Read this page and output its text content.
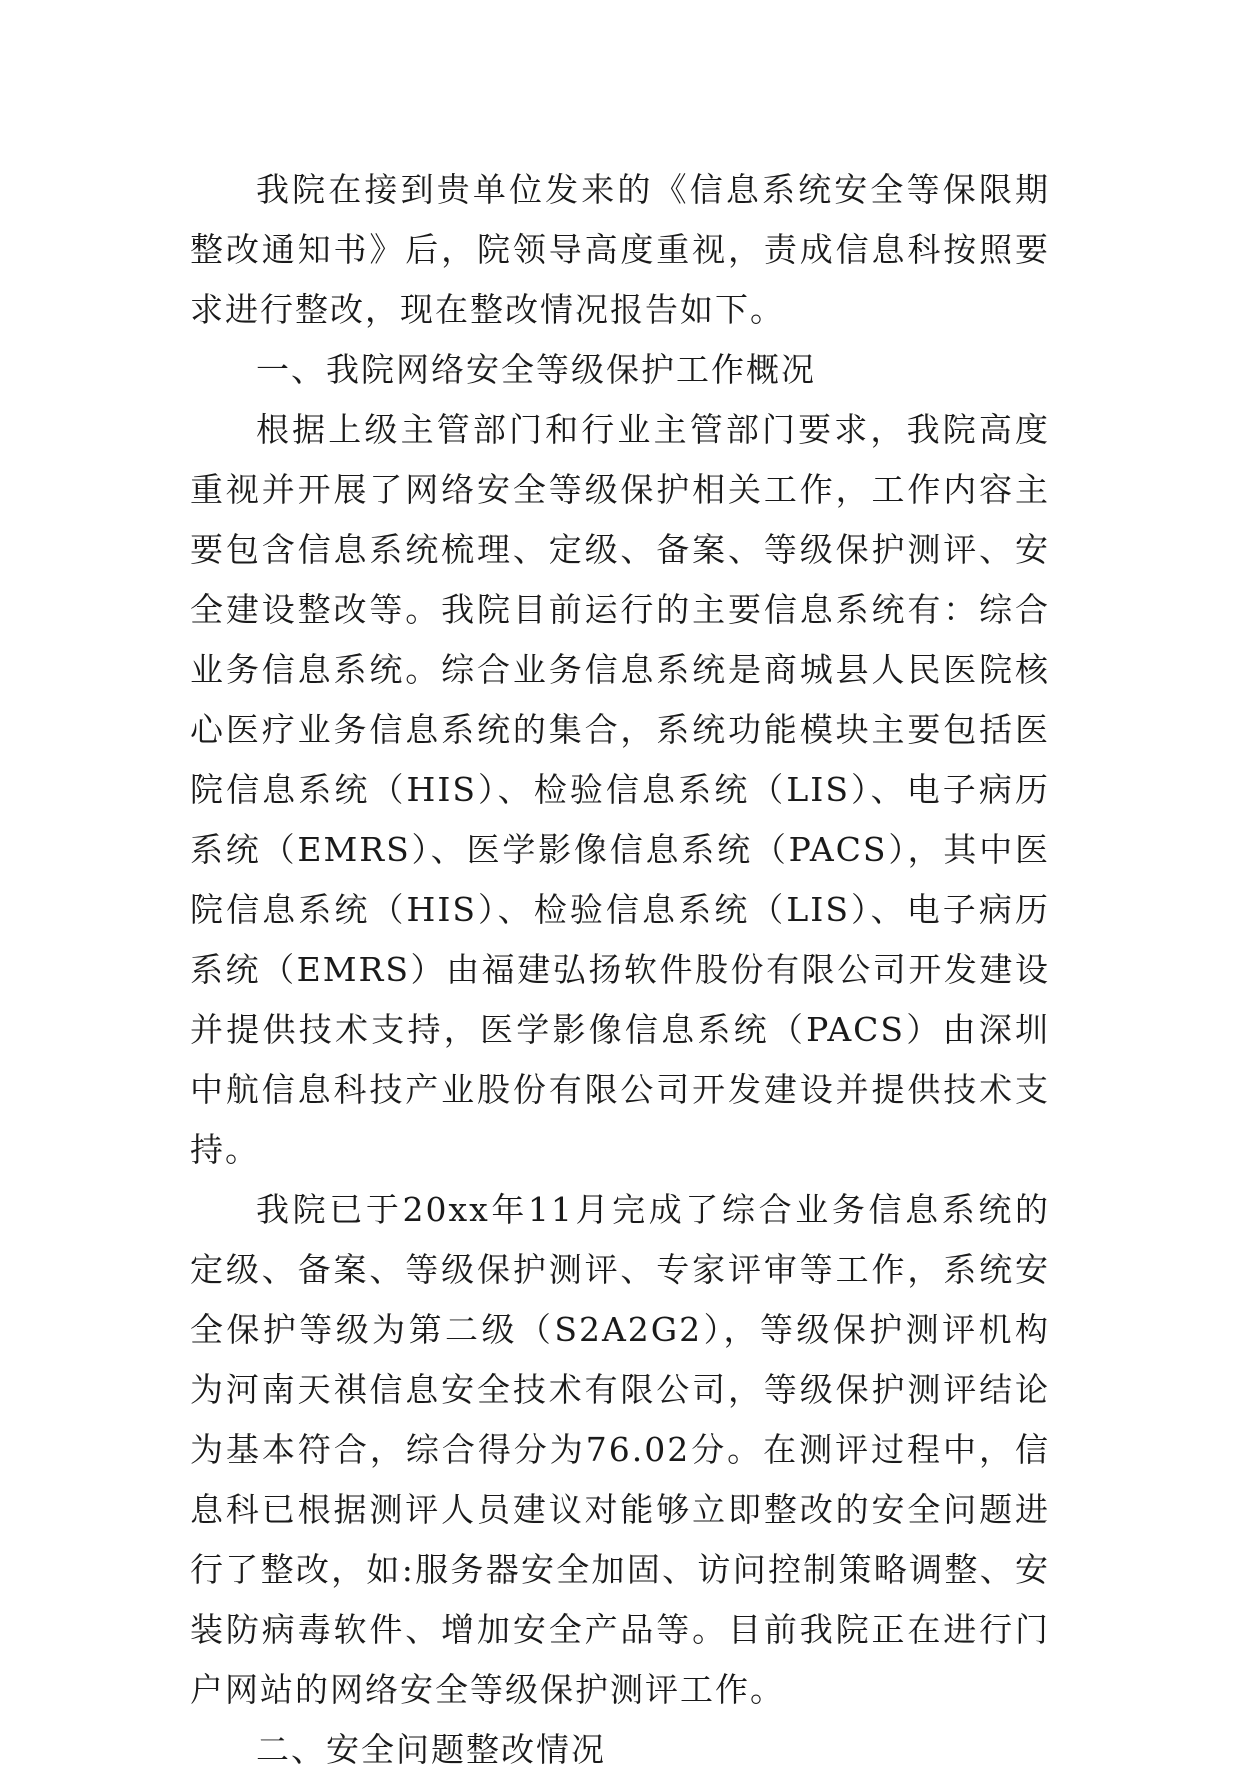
我院在接到贵单位发来的《信息系统安全等保限期整改通知书》后，院领导高度重视，责成信息科按照要求进行整改，现在整改情况报告如下。

一、我院网络安全等级保护工作概况

根据上级主管部门和行业主管部门要求，我院高度重视并开展了网络安全等级保护相关工作，工作内容主要包含信息系统梳理、定级、备案、等级保护测评、安全建设整改等。我院目前运行的主要信息系统有：综合业务信息系统。综合业务信息系统是商城县人民医院核心医疗业务信息系统的集合，系统功能模块主要包括医院信息系统（HIS）、检验信息系统（LIS）、电子病历系统（EMRS）、医学影像信息系统（PACS），其中医院信息系统（HIS）、检验信息系统（LIS）、电子病历系统（EMRS）由福建弘扬软件股份有限公司开发建设并提供技术支持，医学影像信息系统（PACS）由深圳中航信息科技产业股份有限公司开发建设并提供技术支持。

我院已于20xx年11月完成了综合业务信息系统的定级、备案、等级保护测评、专家评审等工作，系统安全保护等级为第二级（S2A2G2），等级保护测评机构为河南天祺信息安全技术有限公司，等级保护测评结论为基本符合，综合得分为76.02分。在测评过程中，信息科已根据测评人员建议对能够立即整改的安全问题进行了整改，如:服务器安全加固、访问控制策略调整、安装防病毒软件、增加安全产品等。目前我院正在进行门户网站的网络安全等级保护测评工作。

二、安全问题整改情况
